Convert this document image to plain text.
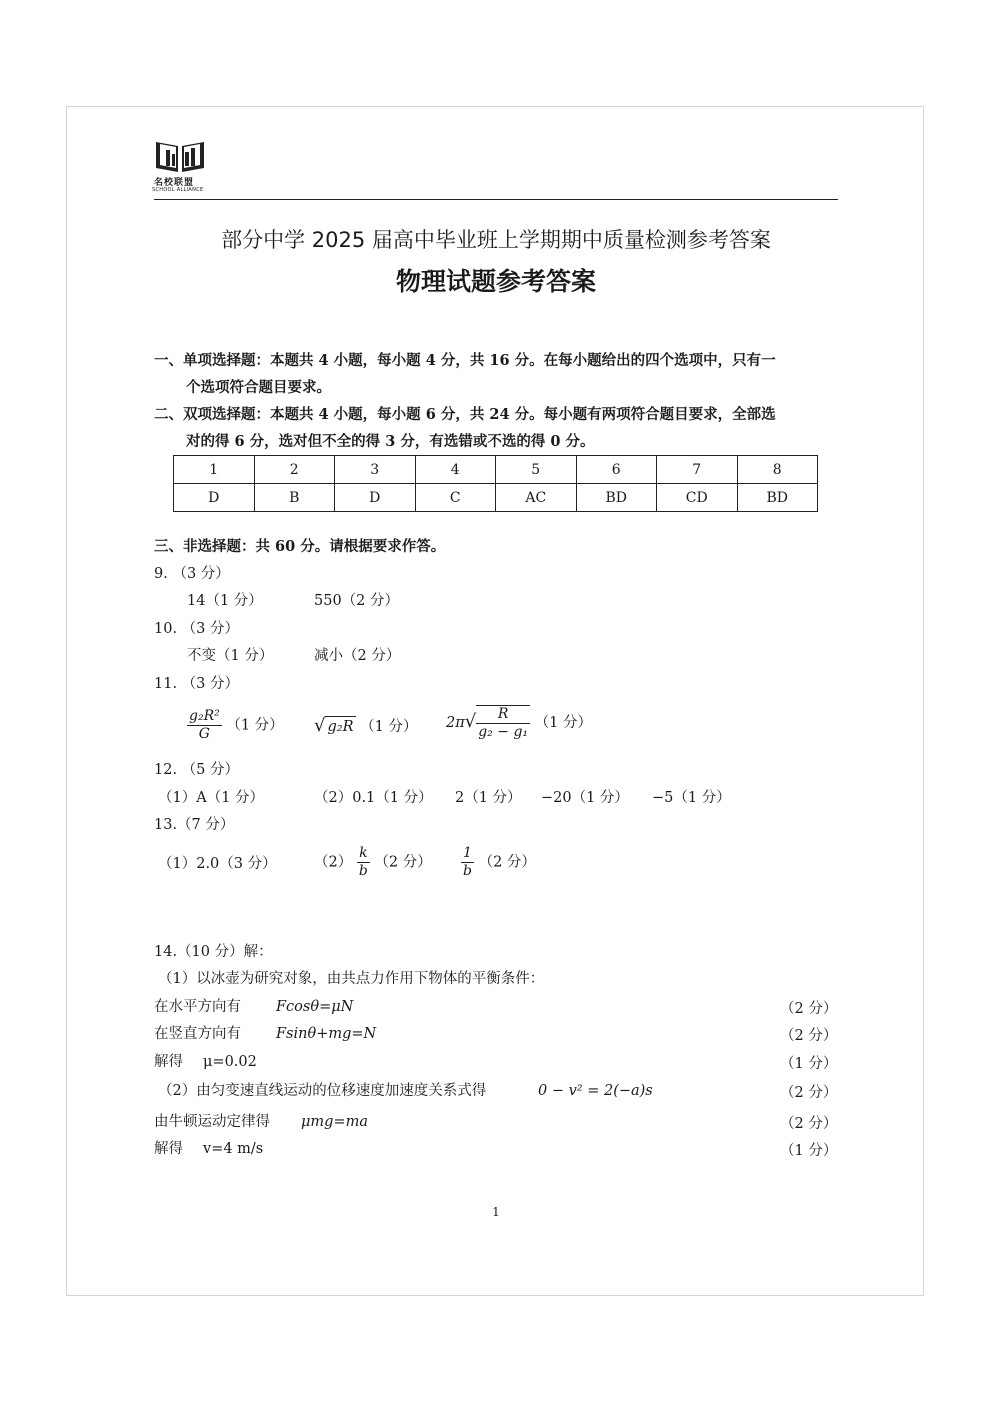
名校联盟
SCHOOL ALLIANCE
部分中学 2025 届高中毕业班上学期期中质量检测参考答案
物理试题参考答案
一、单项选择题：本题共 4 小题，每小题 4 分，共 16 分。在每小题给出的四个选项中，只有一
个选项符合题目要求。
二、双项选择题：本题共 4 小题，每小题 6 分，共 24 分。每小题有两项符合题目要求，全部选
对的得 6 分，选对但不全的得 3 分，有选错或不选的得 0 分。
1	2	3	4	5	6	7	8
D	B	D	C	AC	BD	CD	BD
三、非选择题：共 60 分。请根据要求作答。
9. （3 分）
14（1 分）	550（2 分）
10. （3 分）
不变（1 分）	减小（2 分）
11. （3 分）
$\frac{\text{g₂R²}}{G} (1$ 分） √ g₂R （1 分） $2\pi√ \frac{R}{\text{g₂ − g₁}} (1$ 分）
12. （5 分）
（1）A（1 分）	（2）0.1（1 分） 2（1 分） −20（1 分） −5（1 分）
13.（7 分）
（1）2.0（3 分）	$(2) \frac{k}{b} (2$ 分） $\frac{1}{b} (2$ 分）
14.（10 分）解：
（1）以冰壶为研究对象，由共点力作用下物体的平衡条件：
在水平方向有 Fcosθ=μN	（2 分）
在竖直方向有 Fsinθ+mg=N	（2 分）
解得 μ=0.02	（1 分）
（2）由匀变速直线运动的位移速度加速度关系式得	0 − v² = 2(−a)s	（2 分）
由牛顿运动定律得 μmg=ma	（2 分）
解得 v=4 m/s	（1 分）
1
